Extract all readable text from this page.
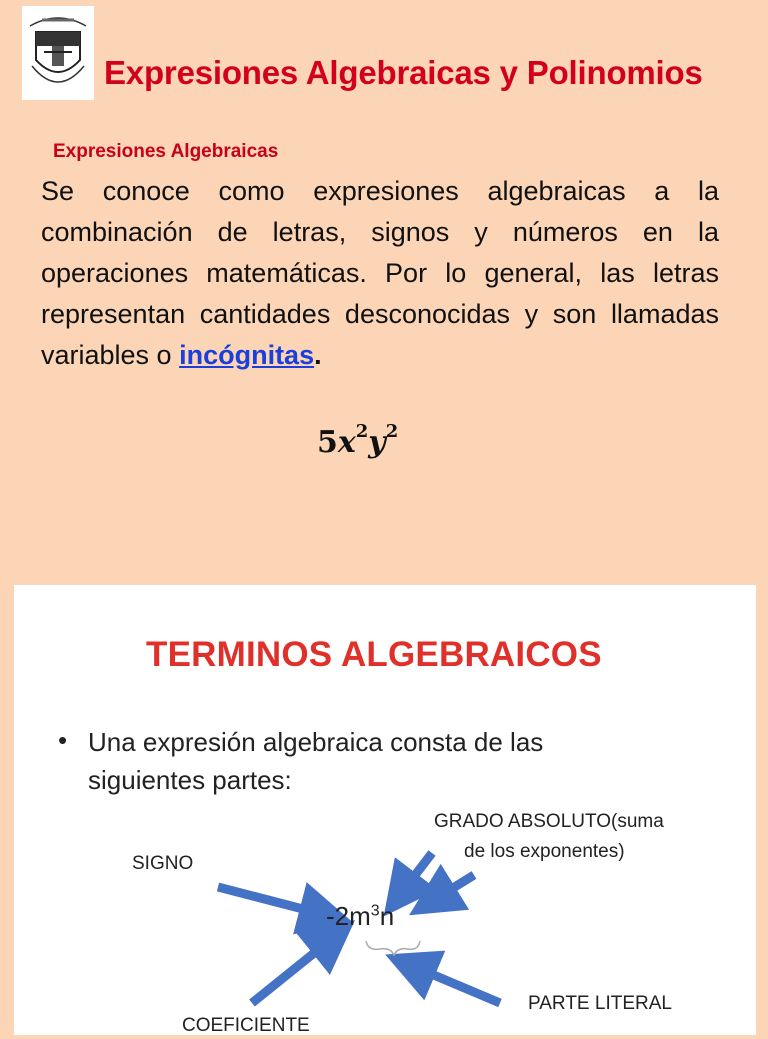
Expresiones Algebraicas y Polinomios
Expresiones Algebraicas

Se conoce como expresiones algebraicas a la combinación de letras, signos y números en la operaciones matemáticas. Por lo general, las letras representan cantidades desconocidas y son llamadas variables o incógnitas.

$5x^2y^2$
TERMINOS ALGEBRAICOS
• Una expresión algebraica consta de las siguientes partes:

SIGNO
GRADO ABSOLUTO(suma
de los exponentes)
PARTE LITERAL
COEFICIENTE
$-2m^3n$
